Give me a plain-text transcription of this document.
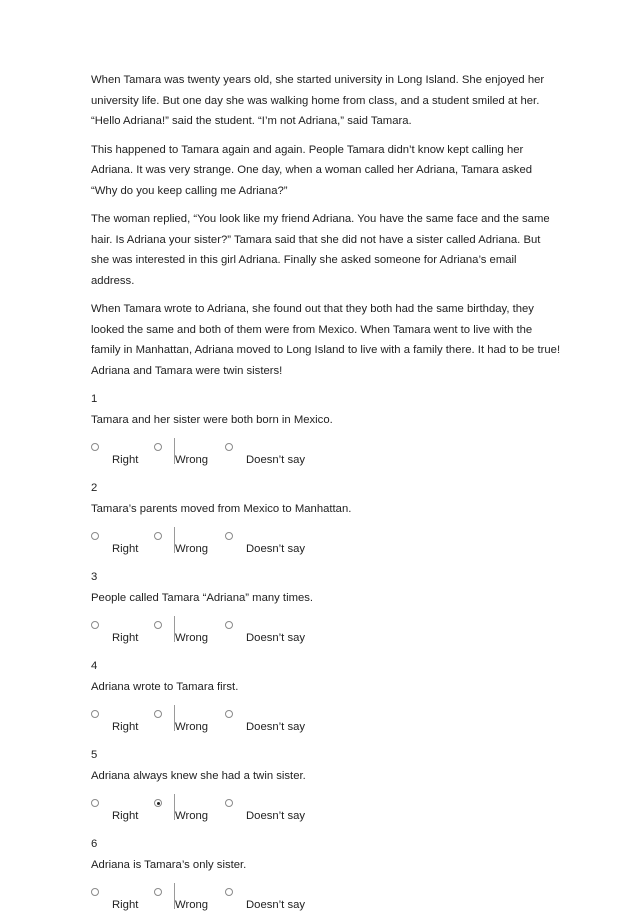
When Tamara was twenty years old, she started university in Long Island. She enjoyed her university life. But one day she was walking home from class, and a student smiled at her. “Hello Adriana!” said the student. “I’m not Adriana,” said Tamara.

This happened to Tamara again and again. People Tamara didn’t know kept calling her Adriana. It was very strange. One day, when a woman called her Adriana, Tamara asked “Why do you keep calling me Adriana?”

The woman replied, “You look like my friend Adriana. You have the same face and the same hair. Is Adriana your sister?” Tamara said that she did not have a sister called Adriana. But she was interested in this girl Adriana. Finally she asked someone for Adriana’s email address.

When Tamara wrote to Adriana, she found out that they both had the same birthday, they looked the same and both of them were from Mexico. When Tamara went to live with the family in Manhattan, Adriana moved to Long Island to live with a family there. It had to be true! Adriana and Tamara were twin sisters!

1
Tamara and her sister were both born in Mexico.
Right	Wrong	Doesn’t say
2
Tamara’s parents moved from Mexico to Manhattan.
Right	Wrong	Doesn’t say
3
People called Tamara “Adriana” many times.
Right	Wrong	Doesn’t say
4
Adriana wrote to Tamara first.
Right	Wrong	Doesn’t say
5
Adriana always knew she had a twin sister.
Right	Wrong	Doesn’t say
6
Adriana is Tamara’s only sister.
Right	Wrong	Doesn’t say
